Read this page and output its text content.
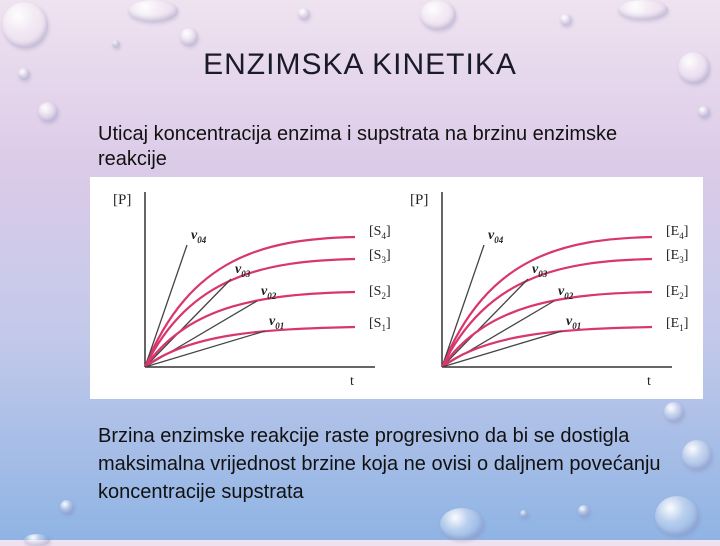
ENZIMSKA KINETIKA

Uticaj koncentracija enzima i supstrata na brzinu enzimske reakcije

[P]
t
$v_{04}$
$[S_4]$
$v_{03}$
$[S_3]$
$v_{02}$	$[S_2]$
$v_{01}$	$[S_1]$
[P]
t
$v_{04}$
$[E_4]$
$v_{03}$
$[E_3]$
$v_{02}$	$[E_2]$
$v_{01}$	$[E_1]$

Brzina enzimske reakcije raste progresivno da bi se dostigla maksimalna vrijednost brzine koja ne ovisi o daljnem povećanju koncentracije supstrata
